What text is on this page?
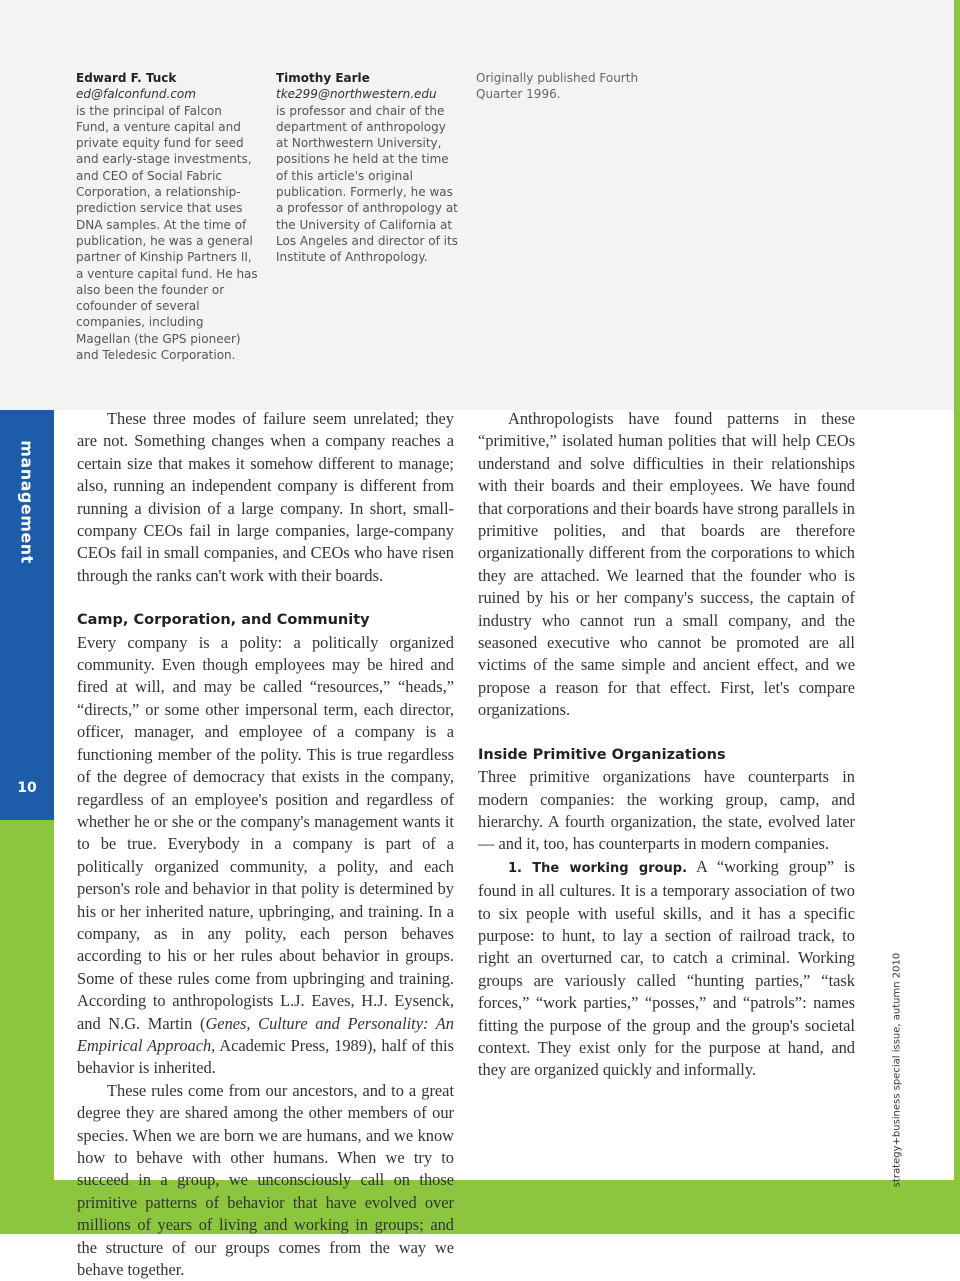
management
10
Edward F. Tuck
ed@falconfund.com
is the principal of Falcon Fund, a venture capital and private equity fund for seed and early-stage investments, and CEO of Social Fabric Corporation, a relationship-prediction service that uses DNA samples. At the time of publication, he was a general partner of Kinship Partners II, a venture capital fund. He has also been the founder or cofounder of several companies, including Magellan (the GPS pioneer) and Teledesic Corporation.
Timothy Earle
tke299@northwestern.edu
is professor and chair of the department of anthropology at Northwestern University, positions he held at the time of this article's original publication. Formerly, he was a professor of anthropology at the University of California at Los Angeles and director of its Institute of Anthropology.
Originally published Fourth Quarter 1996.

These three modes of failure seem unrelated; they are not. Something changes when a company reaches a certain size that makes it somehow different to manage; also, running an independent company is different from running a division of a large company. In short, small-company CEOs fail in large companies, large-company CEOs fail in small companies, and CEOs who have risen through the ranks can't work with their boards.

Camp, Corporation, and Community

Every company is a polity: a politically organized community. Even though employees may be hired and fired at will, and may be called “resources,” “heads,” “directs,” or some other impersonal term, each director, officer, manager, and employee of a company is a functioning member of the polity. This is true regardless of the degree of democracy that exists in the company, regardless of an employee's position and regardless of whether he or she or the company's management wants it to be true. Everybody in a company is part of a politically organized community, a polity, and each person's role and behavior in that polity is determined by his or her inherited nature, upbringing, and training. In a company, as in any polity, each person behaves according to his or her rules about behavior in groups. Some of these rules come from upbringing and training. According to anthropologists L.J. Eaves, H.J. Eysenck, and N.G. Martin (Genes, Culture and Personality: An Empirical Approach, Academic Press, 1989), half of this behavior is inherited.

These rules come from our ancestors, and to a great degree they are shared among the other members of our species. When we are born we are humans, and we know how to behave with other humans. When we try to succeed in a group, we unconsciously call on those primitive patterns of behavior that have evolved over millions of years of living and working in groups; and the structure of our groups comes from the way we behave together.

Anthropologists have found patterns in these “primitive,” isolated human polities that will help CEOs understand and solve difficulties in their relationships with their boards and their employees. We have found that corporations and their boards have strong parallels in primitive polities, and that boards are therefore organizationally different from the corporations to which they are attached. We learned that the founder who is ruined by his or her company's success, the captain of industry who cannot run a small company, and the seasoned executive who cannot be promoted are all victims of the same simple and ancient effect, and we propose a reason for that effect. First, let's compare organizations.

Inside Primitive Organizations

Three primitive organizations have counterparts in modern companies: the working group, camp, and hierarchy. A fourth organization, the state, evolved later — and it, too, has counterparts in modern companies.

1. The working group. A “working group” is found in all cultures. It is a temporary association of two to six people with useful skills, and it has a specific purpose: to hunt, to lay a section of railroad track, to right an overturned car, to catch a criminal. Working groups are variously called “hunting parties,” “task forces,” “work parties,” “posses,” and “patrols”: names fitting the purpose of the group and the group's societal context. They exist only for the purpose at hand, and they are organized quickly and informally.	strategy+business special issue, autumn 2010
